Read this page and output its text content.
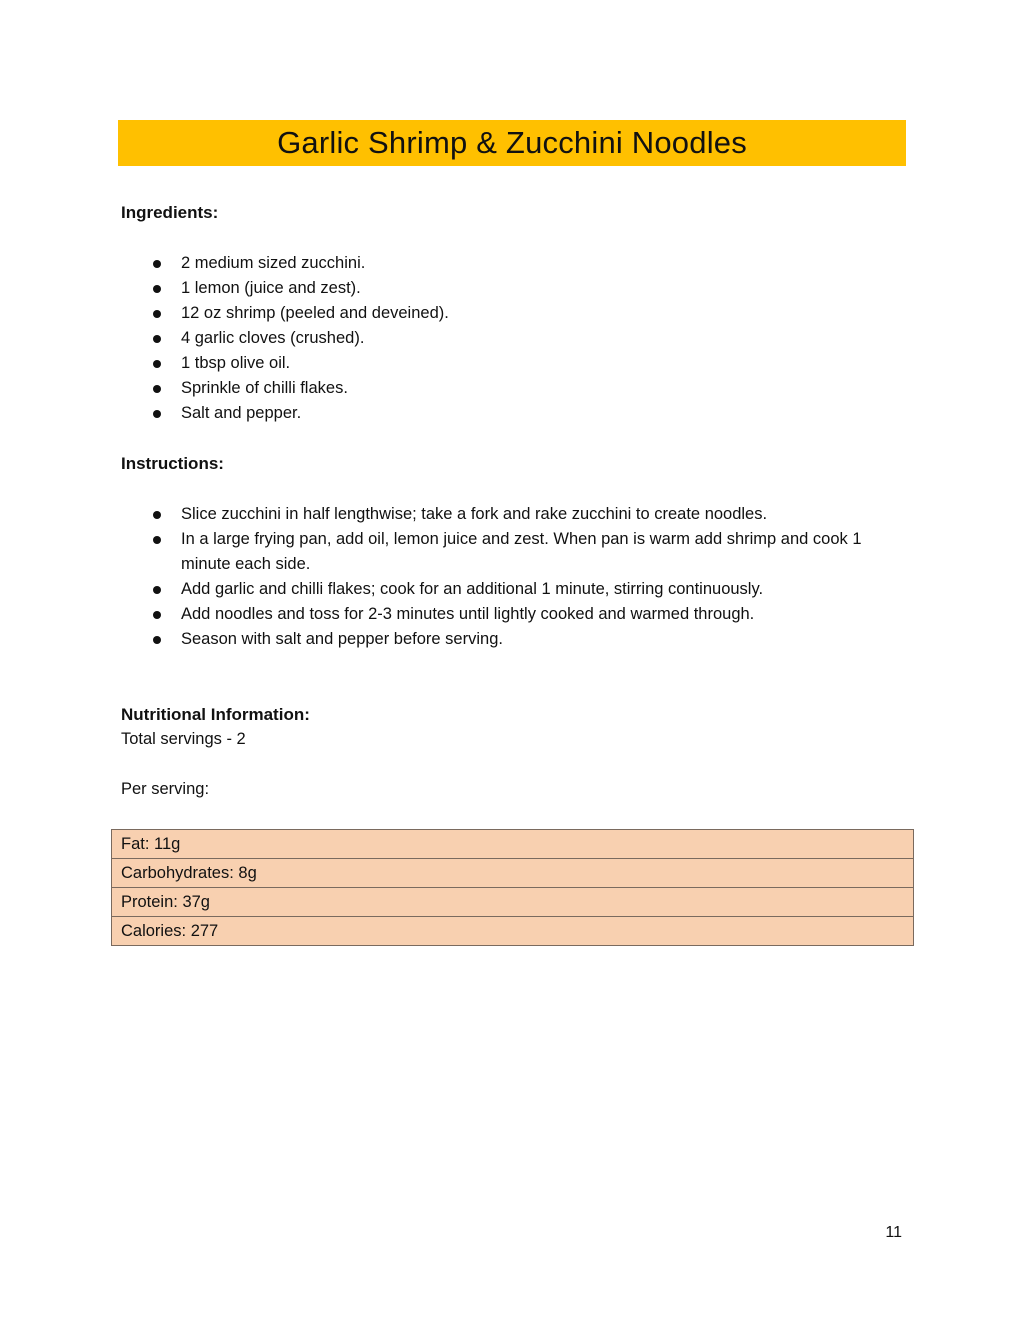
Garlic Shrimp & Zucchini Noodles
Ingredients:
2 medium sized zucchini.
1 lemon (juice and zest).
12 oz shrimp (peeled and deveined).
4 garlic cloves (crushed).
1 tbsp olive oil.
Sprinkle of chilli flakes.
Salt and pepper.
Instructions:
Slice zucchini in half lengthwise; take a fork and rake zucchini to create noodles.
In a large frying pan, add oil, lemon juice and zest. When pan is warm add shrimp and cook 1 minute each side.
Add garlic and chilli flakes; cook for an additional 1 minute, stirring continuously.
Add noodles and toss for 2-3 minutes until lightly cooked and warmed through.
Season with salt and pepper before serving.
Nutritional Information:

Total servings - 2

Per serving:

Fat: 11g
Carbohydrates: 8g
Protein: 37g
Calories: 277

11
